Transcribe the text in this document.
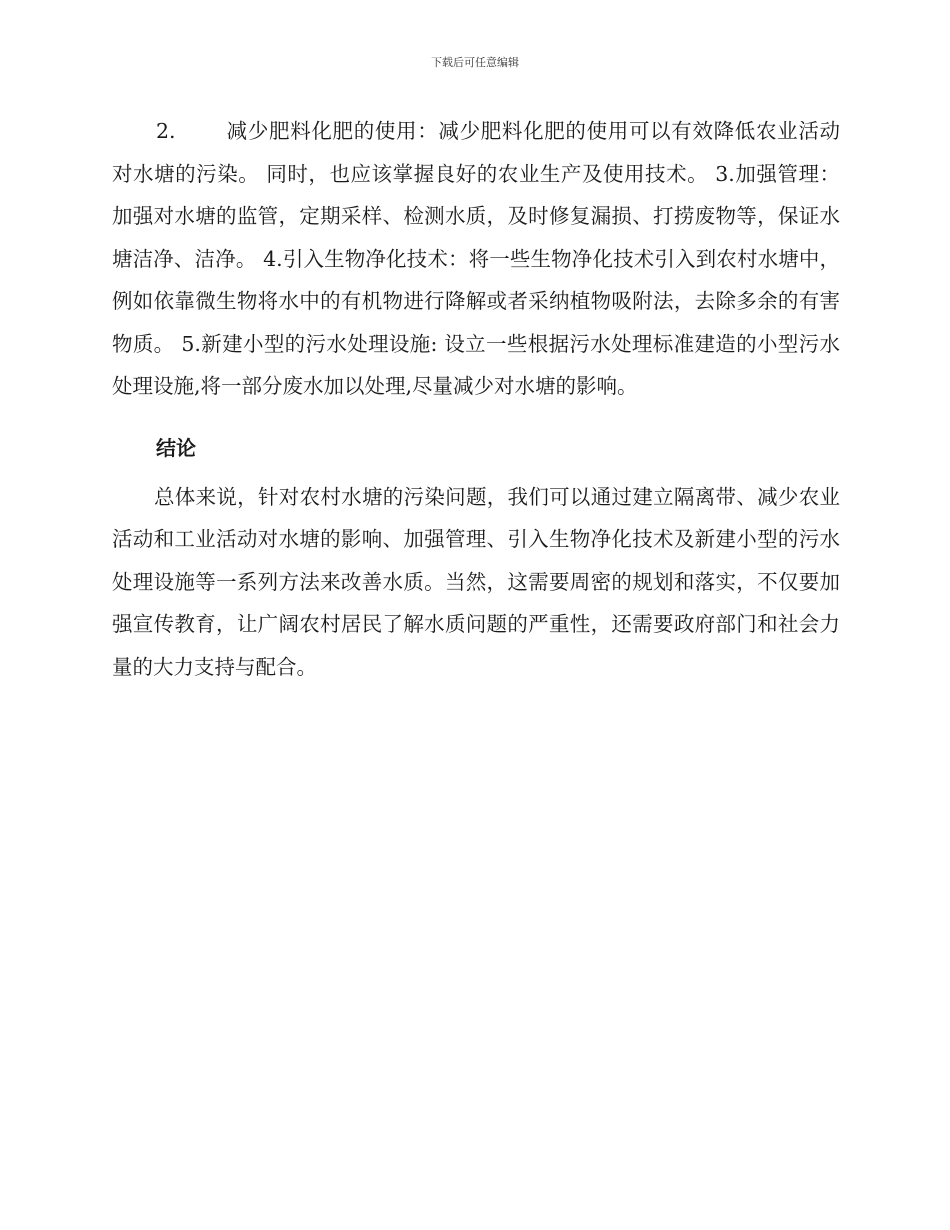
下载后可任意编辑

2. 减少肥料化肥的使用：减少肥料化肥的使用可以有效降低农业活动对水塘的污染。 同时，也应该掌握良好的农业生产及使用技术。 3.加强管理：加强对水塘的监管，定期采样、检测水质，及时修复漏损、打捞废物等，保证水塘洁净、洁净。 4.引入生物净化技术：将一些生物净化技术引入到农村水塘中，例如依靠微生物将水中的有机物进行降解或者采纳植物吸附法，去除多余的有害物质。 5.新建小型的污水处理设施: 设立一些根据污水处理标准建造的小型污水处理设施,将一部分废水加以处理,尽量减少对水塘的影响。

结论

总体来说，针对农村水塘的污染问题，我们可以通过建立隔离带、减少农业活动和工业活动对水塘的影响、加强管理、引入生物净化技术及新建小型的污水处理设施等一系列方法来改善水质。当然，这需要周密的规划和落实，不仅要加强宣传教育，让广阔农村居民了解水质问题的严重性，还需要政府部门和社会力量的大力支持与配合。
